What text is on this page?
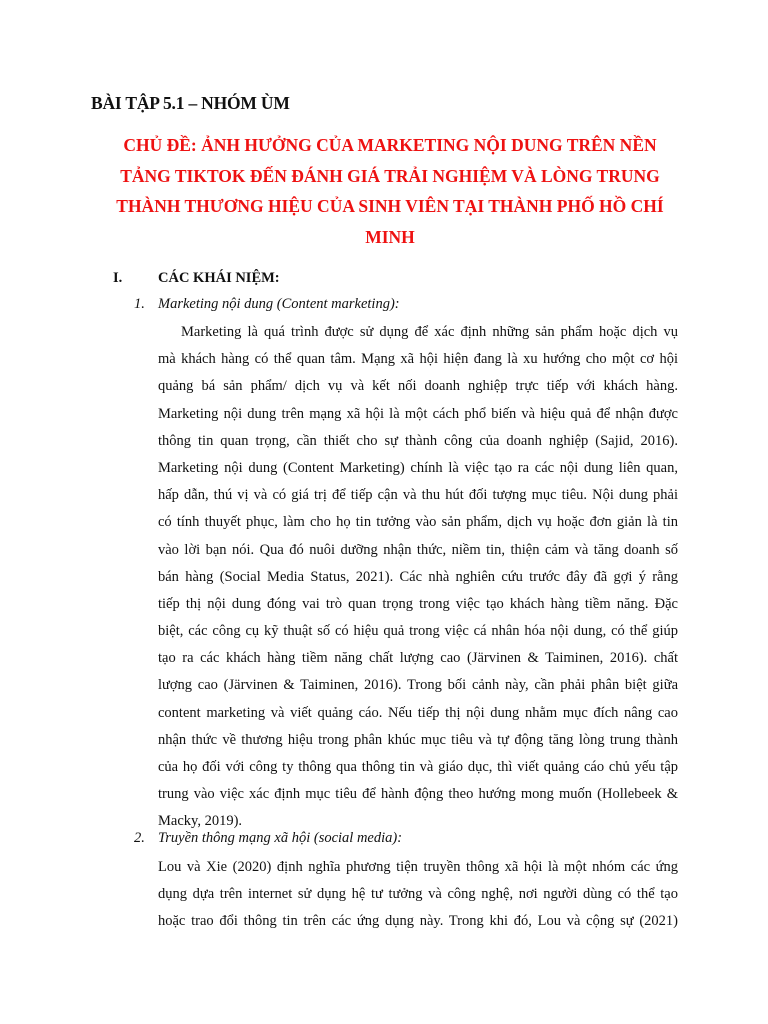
BÀI TẬP 5.1 – NHÓM ÙM
CHỦ ĐỀ: ẢNH HƯỞNG CỦA MARKETING NỘI DUNG TRÊN NỀN
TẢNG TIKTOK ĐẾN ĐÁNH GIÁ TRẢI NGHIỆM VÀ LÒNG TRUNG
THÀNH THƯƠNG HIỆU CỦA SINH VIÊN TẠI THÀNH PHỐ HỒ CHÍ
MINH
I. CÁC KHÁI NIỆM:
1. Marketing nội dung (Content marketing):
Marketing là quá trình được sử dụng để xác định những sản phẩm hoặc dịch vụ
mà khách hàng có thể quan tâm. Mạng xã hội hiện đang là xu hướng cho một cơ hội
quảng bá sản phẩm/ dịch vụ và kết nối doanh nghiệp trực tiếp với khách hàng.
Marketing nội dung trên mạng xã hội là một cách phổ biến và hiệu quả để nhận được
thông tin quan trọng, cần thiết cho sự thành công của doanh nghiệp (Sajid, 2016).
Marketing nội dung (Content Marketing) chính là việc tạo ra các nội dung liên quan,
hấp dẫn, thú vị và có giá trị để tiếp cận và thu hút đối tượng mục tiêu. Nội dung phải
có tính thuyết phục, làm cho họ tin tưởng vào sản phẩm, dịch vụ hoặc đơn giản là tin
vào lời bạn nói. Qua đó nuôi dưỡng nhận thức, niềm tin, thiện cảm và tăng doanh số
bán hàng (Social Media Status, 2021). Các nhà nghiên cứu trước đây đã gợi ý rằng
tiếp thị nội dung đóng vai trò quan trọng trong việc tạo khách hàng tiềm năng. Đặc
biệt, các công cụ kỹ thuật số có hiệu quả trong việc cá nhân hóa nội dung, có thể giúp
tạo ra các khách hàng tiềm năng chất lượng cao (Järvinen & Taiminen, 2016). chất
lượng cao (Järvinen & Taiminen, 2016). Trong bối cảnh này, cần phải phân biệt giữa
content marketing và viết quảng cáo. Nếu tiếp thị nội dung nhằm mục đích nâng cao
nhận thức về thương hiệu trong phân khúc mục tiêu và tự động tăng lòng trung thành
của họ đối với công ty thông qua thông tin và giáo dục, thì viết quảng cáo chủ yếu tập
trung vào việc xác định mục tiêu để hành động theo hướng mong muốn (Hollebeek &
Macky, 2019).
2. Truyền thông mạng xã hội (social media):
Lou và Xie (2020) định nghĩa phương tiện truyền thông xã hội là một nhóm các ứng
dụng dựa trên internet sử dụng hệ tư tưởng và công nghệ, nơi người dùng có thể tạo
hoặc trao đổi thông tin trên các ứng dụng này. Trong khi đó, Lou và cộng sự (2021)
